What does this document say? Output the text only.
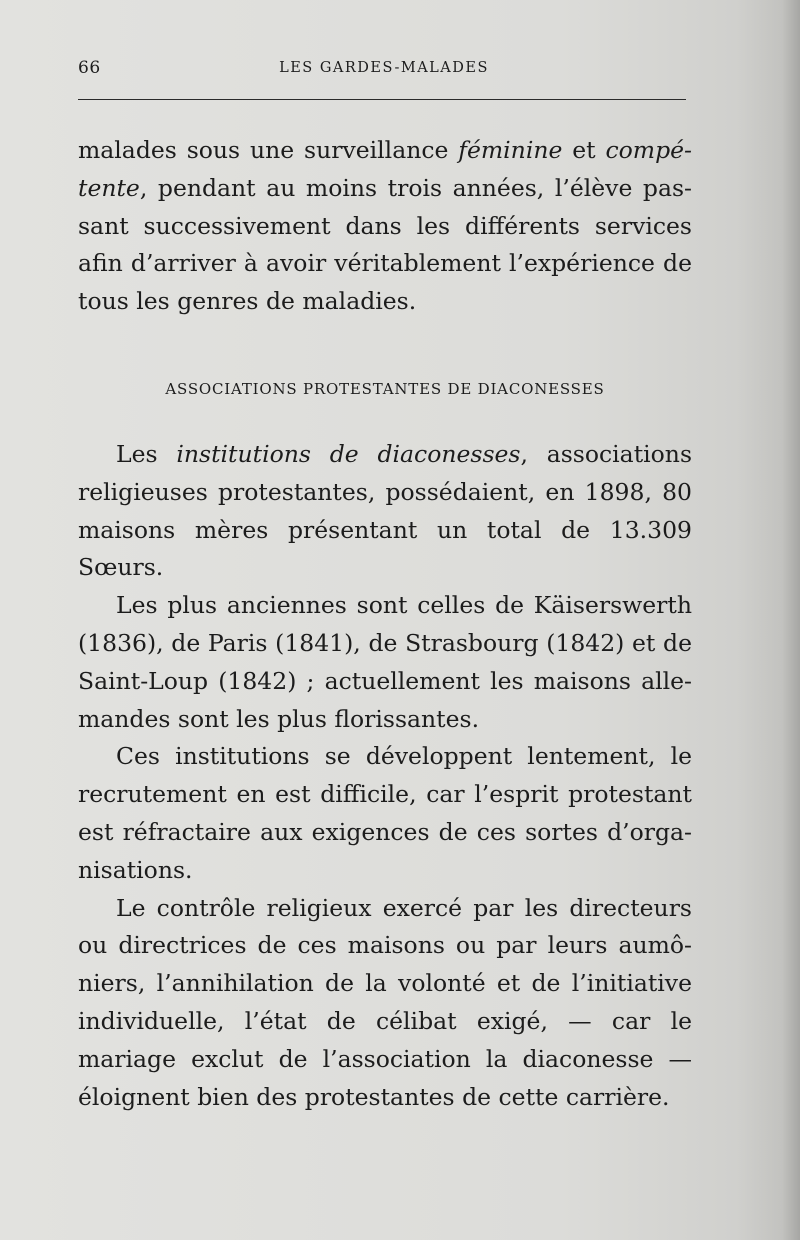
66	LES GARDES-MALADES

malades sous une surveillance féminine et compétente, pendant au moins trois années, l’élève passant successivement dans les différents services afin d’arriver à avoir véritablement l’expérience de tous les genres de maladies.

ASSOCIATIONS PROTESTANTES DE DIACONESSES

Les institutions de diaconesses, associations religieuses protestantes, possédaient, en 1898, 80 maisons mères présentant un total de 13.309 Sœurs.

Les plus anciennes sont celles de Käiserswerth (1836), de Paris (1841), de Strasbourg (1842) et de Saint-Loup (1842) ; actuellement les maisons allemandes sont les plus florissantes.

Ces institutions se développent lentement, le recrutement en est difficile, car l’esprit protestant est réfractaire aux exigences de ces sortes d’organisations.

Le contrôle religieux exercé par les directeurs ou directrices de ces maisons ou par leurs aumôniers, l’annihilation de la volonté et de l’initiative individuelle, l’état de célibat exigé, — car le mariage exclut de l’association la diaconesse — éloignent bien des protestantes de cette carrière.
